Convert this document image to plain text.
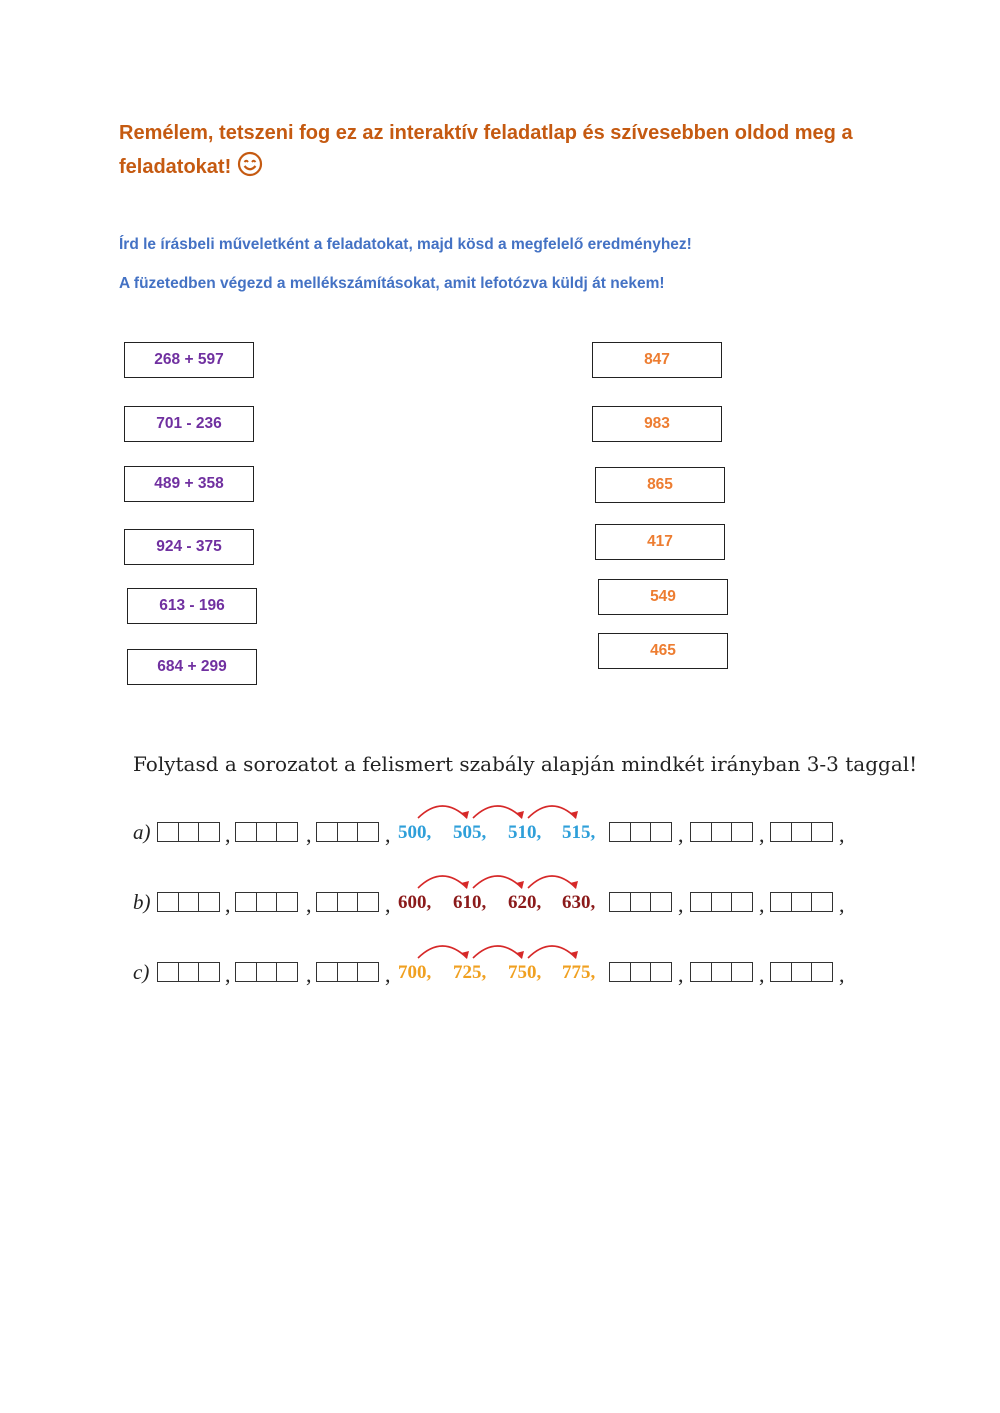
Remélem, tetszeni fog ez az interaktív feladatlap és szívesebben oldod meg a feladatokat!

Írd le írásbeli műveletként a feladatokat, majd kösd a megfelelő eredményhez!

A füzetedben végezd a mellékszámításokat, amit lefotózva küldj át nekem!

268 + 597
701 - 236
489 + 358
924 - 375
613 - 196
684 + 299
847
983
865
417
549
465

Folytasd a sorozatot a felismert szabály alapján mindkét irányban 3-3 taggal!

a)	,	,	,	,	,	,
500, 505, 510, 515,
b)	,	,	,	,	,	,
600, 610, 620, 630,
c)	,	,	,	,	,	,
700, 725, 750, 775,
